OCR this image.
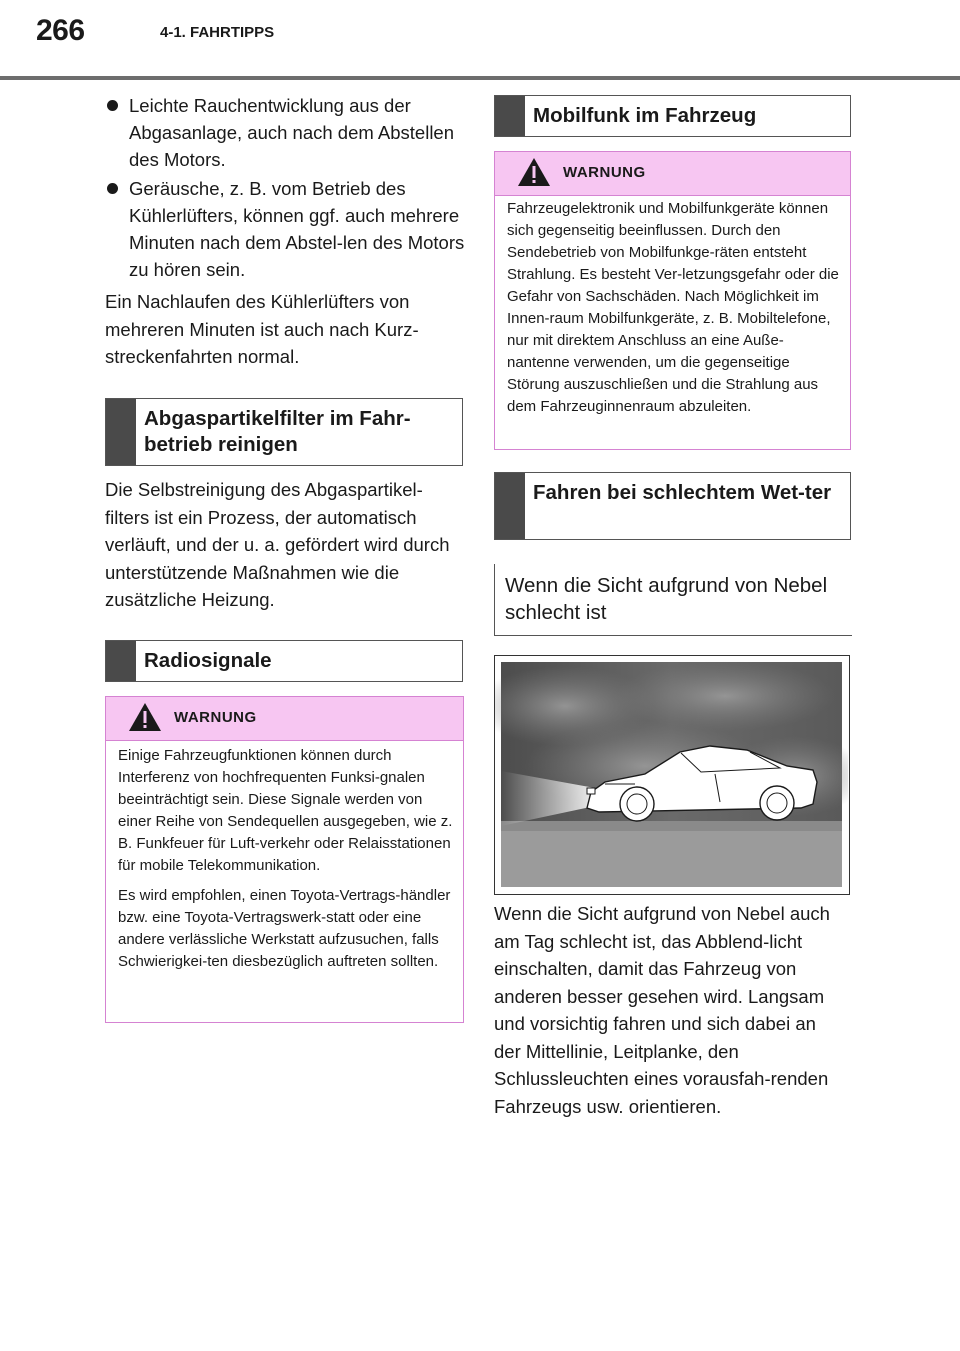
266	4-1. FAHRTIPPS
Leichte Rauchentwicklung aus der Abgasanlage, auch nach dem Abstellen des Motors.
Geräusche, z. B. vom Betrieb des Kühlerlüfters, können ggf. auch mehrere Minuten nach dem Abstel-len des Motors zu hören sein.
Ein Nachlaufen des Kühlerlüfters von mehreren Minuten ist auch nach Kurz-streckenfahrten normal.
Abgaspartikelfilter im Fahr-betrieb reinigen
Die Selbstreinigung des Abgaspartikel-filters ist ein Prozess, der automatisch verläuft, und der u. a. gefördert wird durch unterstützende Maßnahmen wie die zusätzliche Heizung.
Radiosignale
WARNUNG

Einige Fahrzeugfunktionen können durch Interferenz von hochfrequenten Funksi-gnalen beeinträchtigt sein. Diese Signale werden von einer Reihe von Sendequellen ausgegeben, wie z. B. Funkfeuer für Luft-verkehr oder Relaisstationen für mobile Telekommunikation.

Es wird empfohlen, einen Toyota-Vertrags-händler bzw. eine Toyota-Vertragswerk-statt oder eine andere verlässliche Werkstatt aufzusuchen, falls Schwierigkei-ten diesbezüglich auftreten sollten.

Mobilfunk im Fahrzeug
WARNUNG

Fahrzeugelektronik und Mobilfunkgeräte können sich gegenseitig beeinflussen. Durch den Sendebetrieb von Mobilfunkge-räten entsteht Strahlung. Es besteht Ver-letzungsgefahr oder die Gefahr von Sachschäden. Nach Möglichkeit im Innen-raum Mobilfunkgeräte, z. B. Mobiltelefone, nur mit direktem Anschluss an eine Auße-nantenne verwenden, um die gegenseitige Störung auszuschließen und die Strahlung aus dem Fahrzeuginnenraum abzuleiten.

Fahren bei schlechtem Wet-ter
Wenn die Sicht aufgrund von Nebel schlecht ist
Wenn die Sicht aufgrund von Nebel auch am Tag schlecht ist, das Abblend-licht einschalten, damit das Fahrzeug von anderen besser gesehen wird. Langsam und vorsichtig fahren und sich dabei an der Mittellinie, Leitplanke, den Schlussleuchten eines vorausfah-renden Fahrzeugs usw. orientieren.
